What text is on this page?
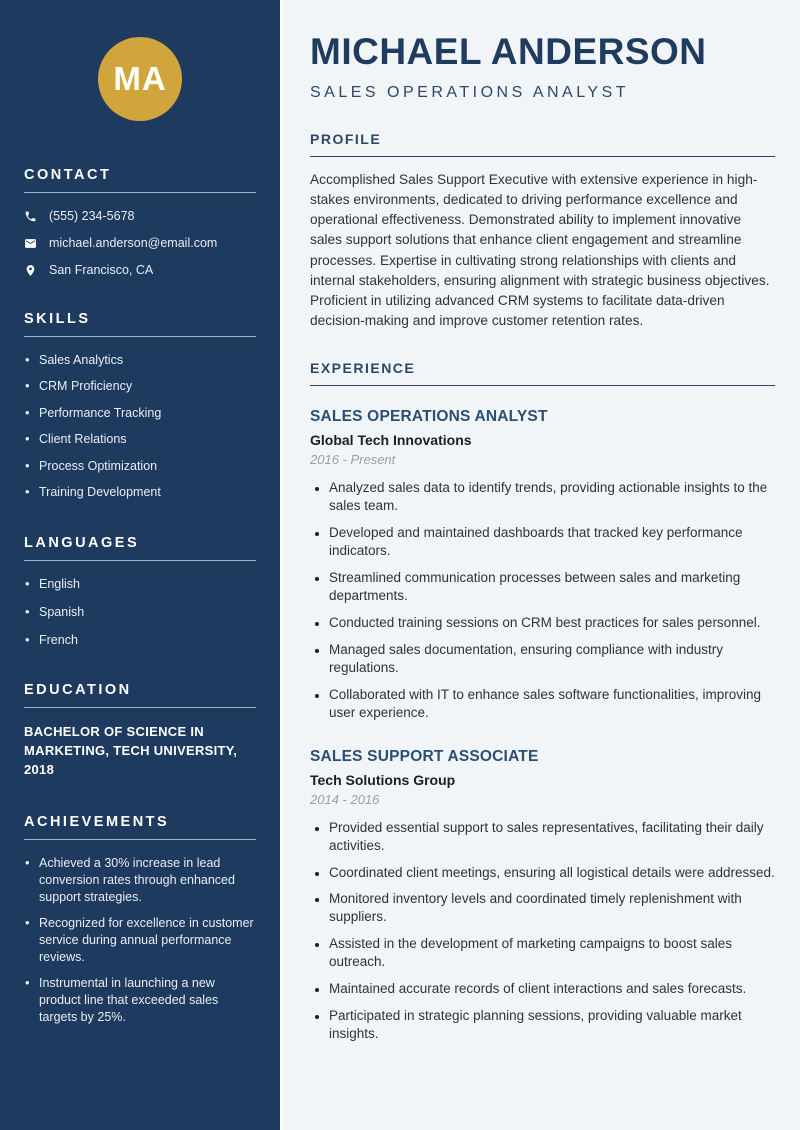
MA
CONTACT
(555) 234-5678
michael.anderson@email.com
San Francisco, CA
SKILLS
• Sales Analytics
• CRM Proficiency
• Performance Tracking
• Client Relations
• Process Optimization
• Training Development
LANGUAGES
• English
• Spanish
• French
EDUCATION

BACHELOR OF SCIENCE IN MARKETING, TECH UNIVERSITY, 2018

ACHIEVEMENTS
• Achieved a 30% increase in lead conversion rates through enhanced support strategies.
• Recognized for excellence in customer service during annual performance reviews.
• Instrumental in launching a new product line that exceeded sales targets by 25%.
MICHAEL ANDERSON
SALES OPERATIONS ANALYST
PROFILE

Accomplished Sales Support Executive with extensive experience in high-stakes environments, dedicated to driving performance excellence and operational effectiveness. Demonstrated ability to implement innovative sales support solutions that enhance client engagement and streamline processes. Expertise in cultivating strong relationships with clients and internal stakeholders, ensuring alignment with strategic business objectives. Proficient in utilizing advanced CRM systems to facilitate data-driven decision-making and improve customer retention rates.

EXPERIENCE
SALES OPERATIONS ANALYST
Global Tech Innovations
2016 - Present
• Analyzed sales data to identify trends, providing actionable insights to the sales team.
• Developed and maintained dashboards that tracked key performance indicators.
• Streamlined communication processes between sales and marketing departments.
• Conducted training sessions on CRM best practices for sales personnel.
• Managed sales documentation, ensuring compliance with industry regulations.
• Collaborated with IT to enhance sales software functionalities, improving user experience.
SALES SUPPORT ASSOCIATE
Tech Solutions Group
2014 - 2016
• Provided essential support to sales representatives, facilitating their daily activities.
• Coordinated client meetings, ensuring all logistical details were addressed.
• Monitored inventory levels and coordinated timely replenishment with suppliers.
• Assisted in the development of marketing campaigns to boost sales outreach.
• Maintained accurate records of client interactions and sales forecasts.
• Participated in strategic planning sessions, providing valuable market insights.
